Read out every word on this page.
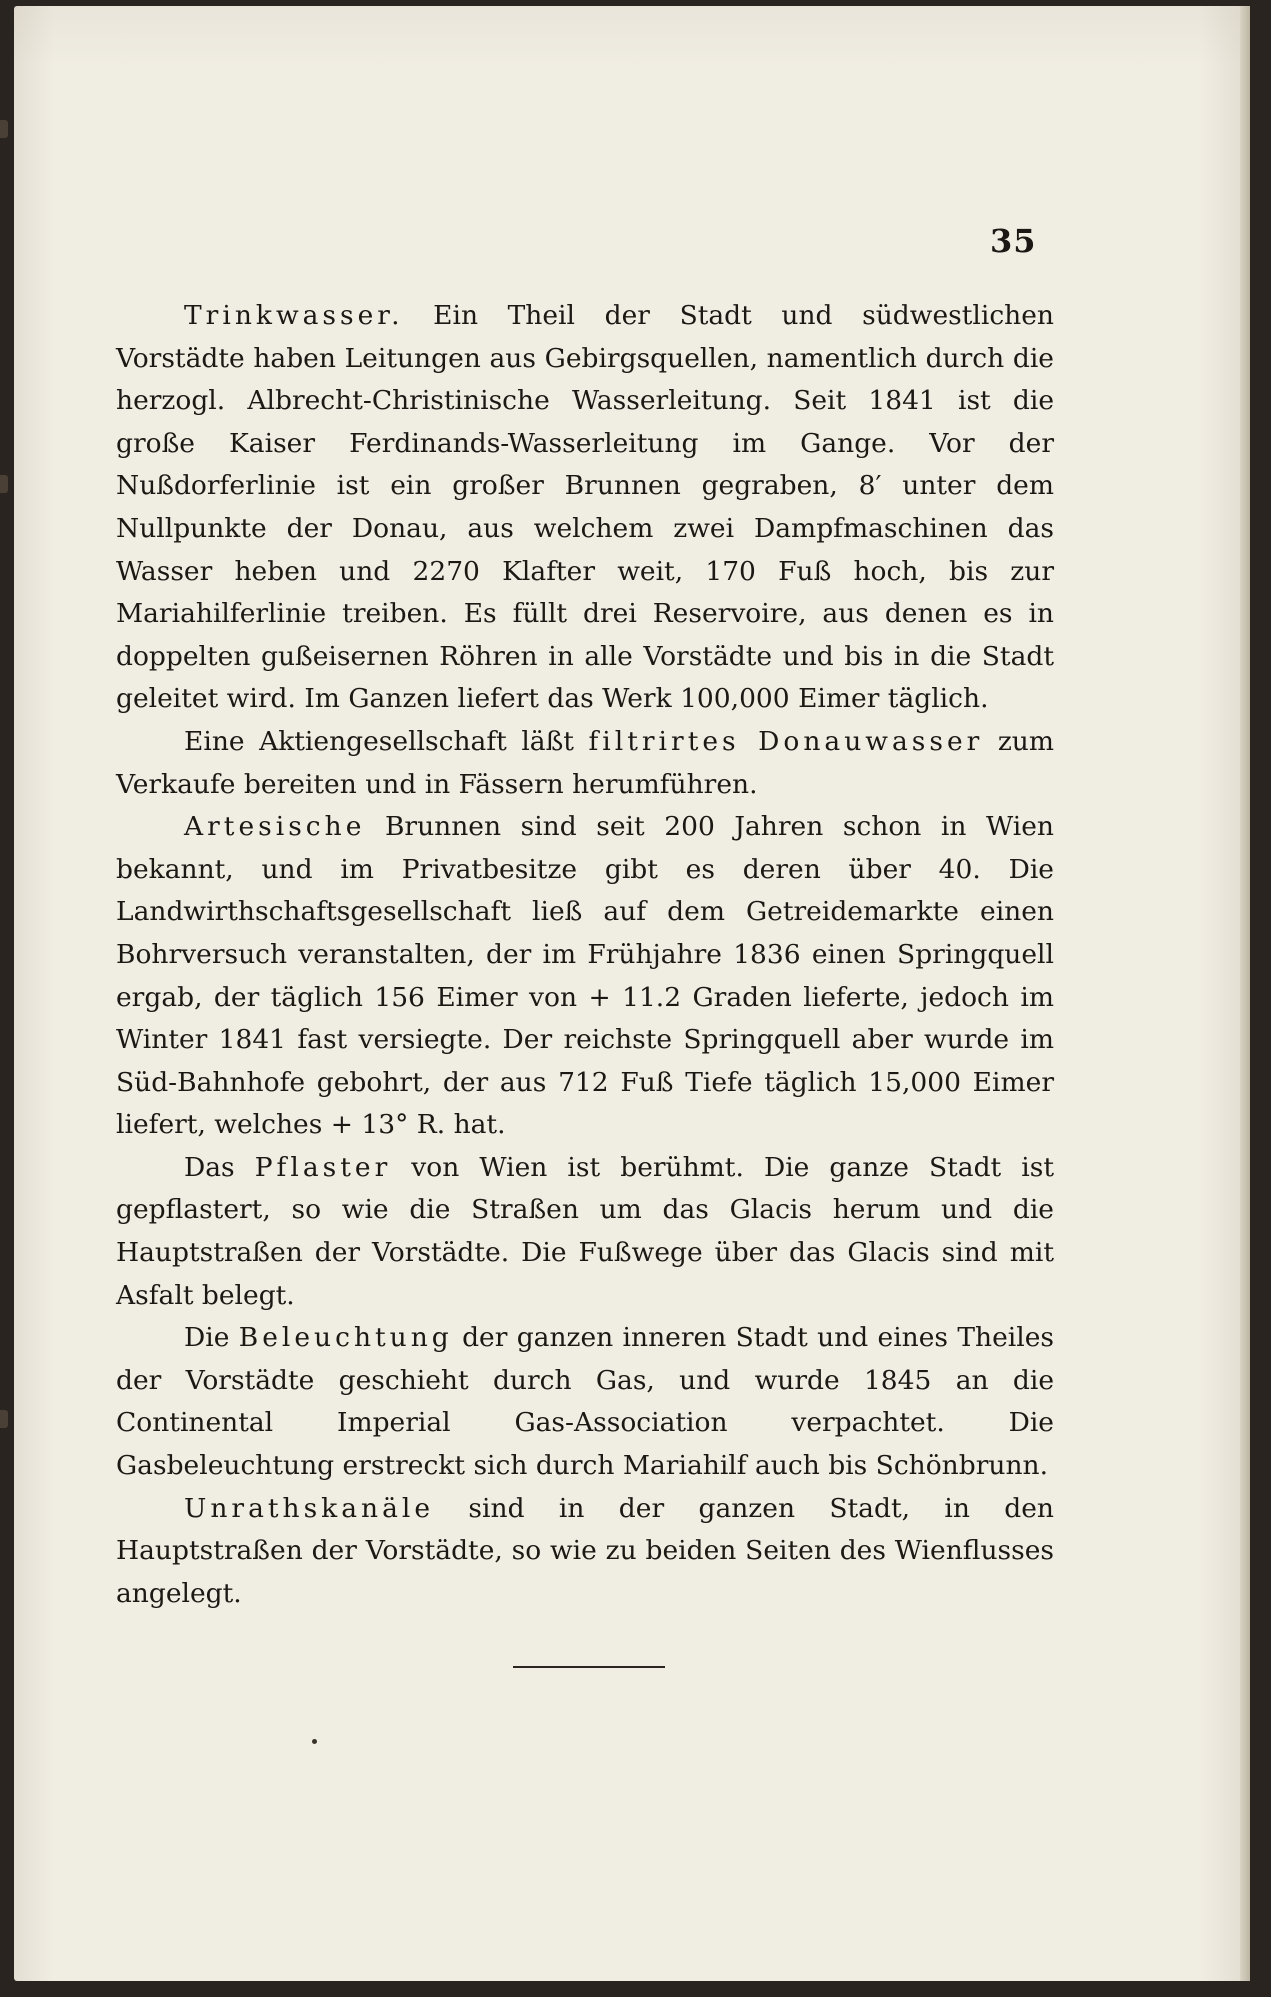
35

Trinkwasser. Ein Theil der Stadt und südwestlichen Vorstädte haben Leitungen aus Gebirgsquellen, namentlich durch die herzogl. Albrecht-Christinische Wasserleitung. Seit 1841 ist die große Kaiser Ferdinands-Wasserleitung im Gange. Vor der Nußdorferlinie ist ein großer Brunnen gegraben, 8′ unter dem Nullpunkte der Donau, aus welchem zwei Dampfmaschinen das Wasser heben und 2270 Klafter weit, 170 Fuß hoch, bis zur Mariahilferlinie treiben. Es füllt drei Reservoire, aus denen es in doppelten gußeisernen Röhren in alle Vorstädte und bis in die Stadt geleitet wird. Im Ganzen liefert das Werk 100,000 Eimer täglich.

Eine Aktiengesellschaft läßt filtrirtes Donauwasser zum Verkaufe bereiten und in Fässern herumführen.

Artesische Brunnen sind seit 200 Jahren schon in Wien bekannt, und im Privatbesitze gibt es deren über 40. Die Landwirthschaftsgesellschaft ließ auf dem Getreidemarkte einen Bohrversuch veranstalten, der im Frühjahre 1836 einen Springquell ergab, der täglich 156 Eimer von + 11.2 Graden lieferte, jedoch im Winter 1841 fast versiegte. Der reichste Springquell aber wurde im Süd-Bahnhofe gebohrt, der aus 712 Fuß Tiefe täglich 15,000 Eimer liefert, welches + 13° R. hat.

Das Pflaster von Wien ist berühmt. Die ganze Stadt ist gepflastert, so wie die Straßen um das Glacis herum und die Hauptstraßen der Vorstädte. Die Fußwege über das Glacis sind mit Asfalt belegt.

Die Beleuchtung der ganzen inneren Stadt und eines Theiles der Vorstädte geschieht durch Gas, und wurde 1845 an die Continental Imperial Gas-Association verpachtet. Die Gasbeleuchtung erstreckt sich durch Mariahilf auch bis Schönbrunn.

Unrathskanäle sind in der ganzen Stadt, in den Hauptstraßen der Vorstädte, so wie zu beiden Seiten des Wienflusses angelegt.
